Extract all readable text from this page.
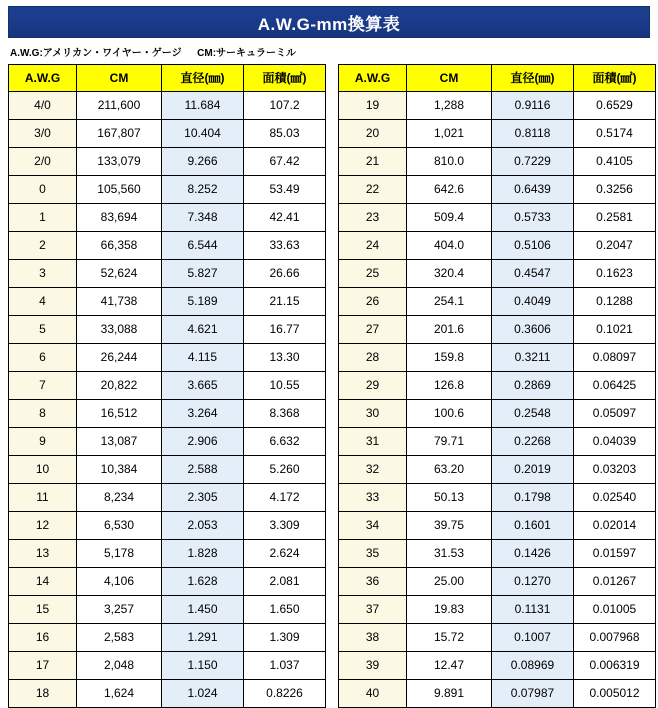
A.W.G-mm換算表
A.W.G:アメリカン・ワイヤー・ゲージ CM:サーキュラーミル
A.W.G	CM	直径(㎜)	面積(㎟)
4/0	211,600	11.684	107.2
3/0	167,807	10.404	85.03
2/0	133,079	9.266	67.42
0	105,560	8.252	53.49
1	83,694	7.348	42.41
2	66,358	6.544	33.63
3	52,624	5.827	26.66
4	41,738	5.189	21.15
5	33,088	4.621	16.77
6	26,244	4.115	13.30
7	20,822	3.665	10.55
8	16,512	3.264	8.368
9	13,087	2.906	6.632
10	10,384	2.588	5.260
11	8,234	2.305	4.172
12	6,530	2.053	3.309
13	5,178	1.828	2.624
14	4,106	1.628	2.081
15	3,257	1.450	1.650
16	2,583	1.291	1.309
17	2,048	1.150	1.037
18	1,624	1.024	0.8226
A.W.G	CM	直径(㎜)	面積(㎟)
19	1,288	0.9116	0.6529
20	1,021	0.8118	0.5174
21	810.0	0.7229	0.4105
22	642.6	0.6439	0.3256
23	509.4	0.5733	0.2581
24	404.0	0.5106	0.2047
25	320.4	0.4547	0.1623
26	254.1	0.4049	0.1288
27	201.6	0.3606	0.1021
28	159.8	0.3211	0.08097
29	126.8	0.2869	0.06425
30	100.6	0.2548	0.05097
31	79.71	0.2268	0.04039
32	63.20	0.2019	0.03203
33	50.13	0.1798	0.02540
34	39.75	0.1601	0.02014
35	31.53	0.1426	0.01597
36	25.00	0.1270	0.01267
37	19.83	0.1131	0.01005
38	15.72	0.1007	0.007968
39	12.47	0.08969	0.006319
40	9.891	0.07987	0.005012
